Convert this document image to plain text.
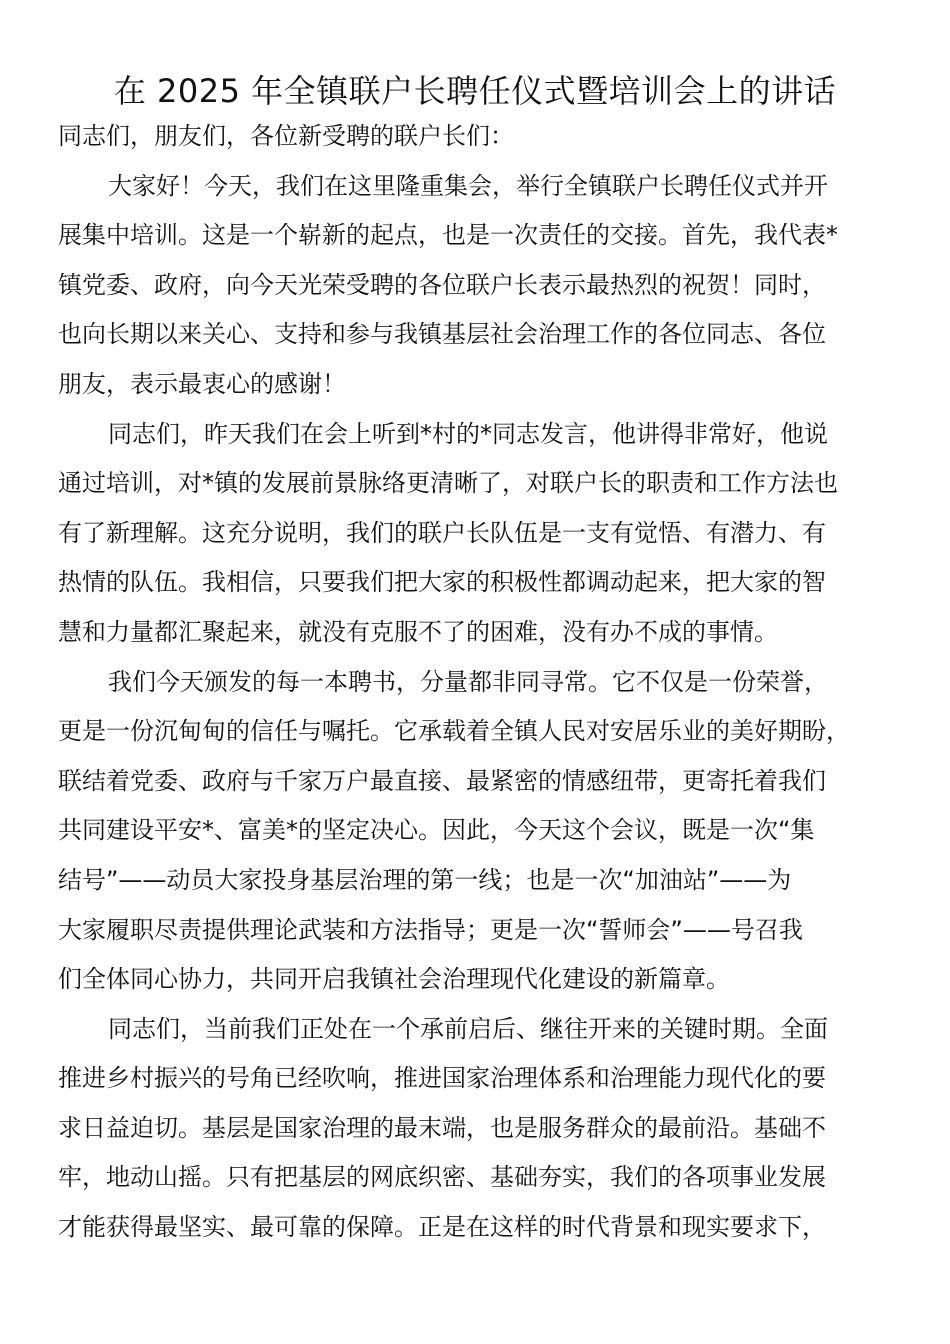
在 2025 年全镇联户长聘任仪式暨培训会上的讲话
同志们，朋友们，各位新受聘的联户长们：
大家好！今天，我们在这里隆重集会，举行全镇联户长聘任仪式并开
展集中培训。这是一个崭新的起点，也是一次责任的交接。首先，我代表*
镇党委、政府，向今天光荣受聘的各位联户长表示最热烈的祝贺！同时，
也向长期以来关心、支持和参与我镇基层社会治理工作的各位同志、各位
朋友，表示最衷心的感谢！
同志们，昨天我们在会上听到*村的*同志发言，他讲得非常好，他说
通过培训，对*镇的发展前景脉络更清晰了，对联户长的职责和工作方法也
有了新理解。这充分说明，我们的联户长队伍是一支有觉悟、有潜力、有
热情的队伍。我相信，只要我们把大家的积极性都调动起来，把大家的智
慧和力量都汇聚起来，就没有克服不了的困难，没有办不成的事情。
我们今天颁发的每一本聘书，分量都非同寻常。它不仅是一份荣誉，
更是一份沉甸甸的信任与嘱托。它承载着全镇人民对安居乐业的美好期盼，
联结着党委、政府与千家万户最直接、最紧密的情感纽带，更寄托着我们
共同建设平安*、富美*的坚定决心。因此，今天这个会议，既是一次“集
结号”——动员大家投身基层治理的第一线；也是一次“加油站”——为
大家履职尽责提供理论武装和方法指导；更是一次“誓师会”——号召我
们全体同心协力，共同开启我镇社会治理现代化建设的新篇章。
同志们，当前我们正处在一个承前启后、继往开来的关键时期。全面
推进乡村振兴的号角已经吹响，推进国家治理体系和治理能力现代化的要
求日益迫切。基层是国家治理的最末端，也是服务群众的最前沿。基础不
牢，地动山摇。只有把基层的网底织密、基础夯实，我们的各项事业发展
才能获得最坚实、最可靠的保障。正是在这样的时代背景和现实要求下，
